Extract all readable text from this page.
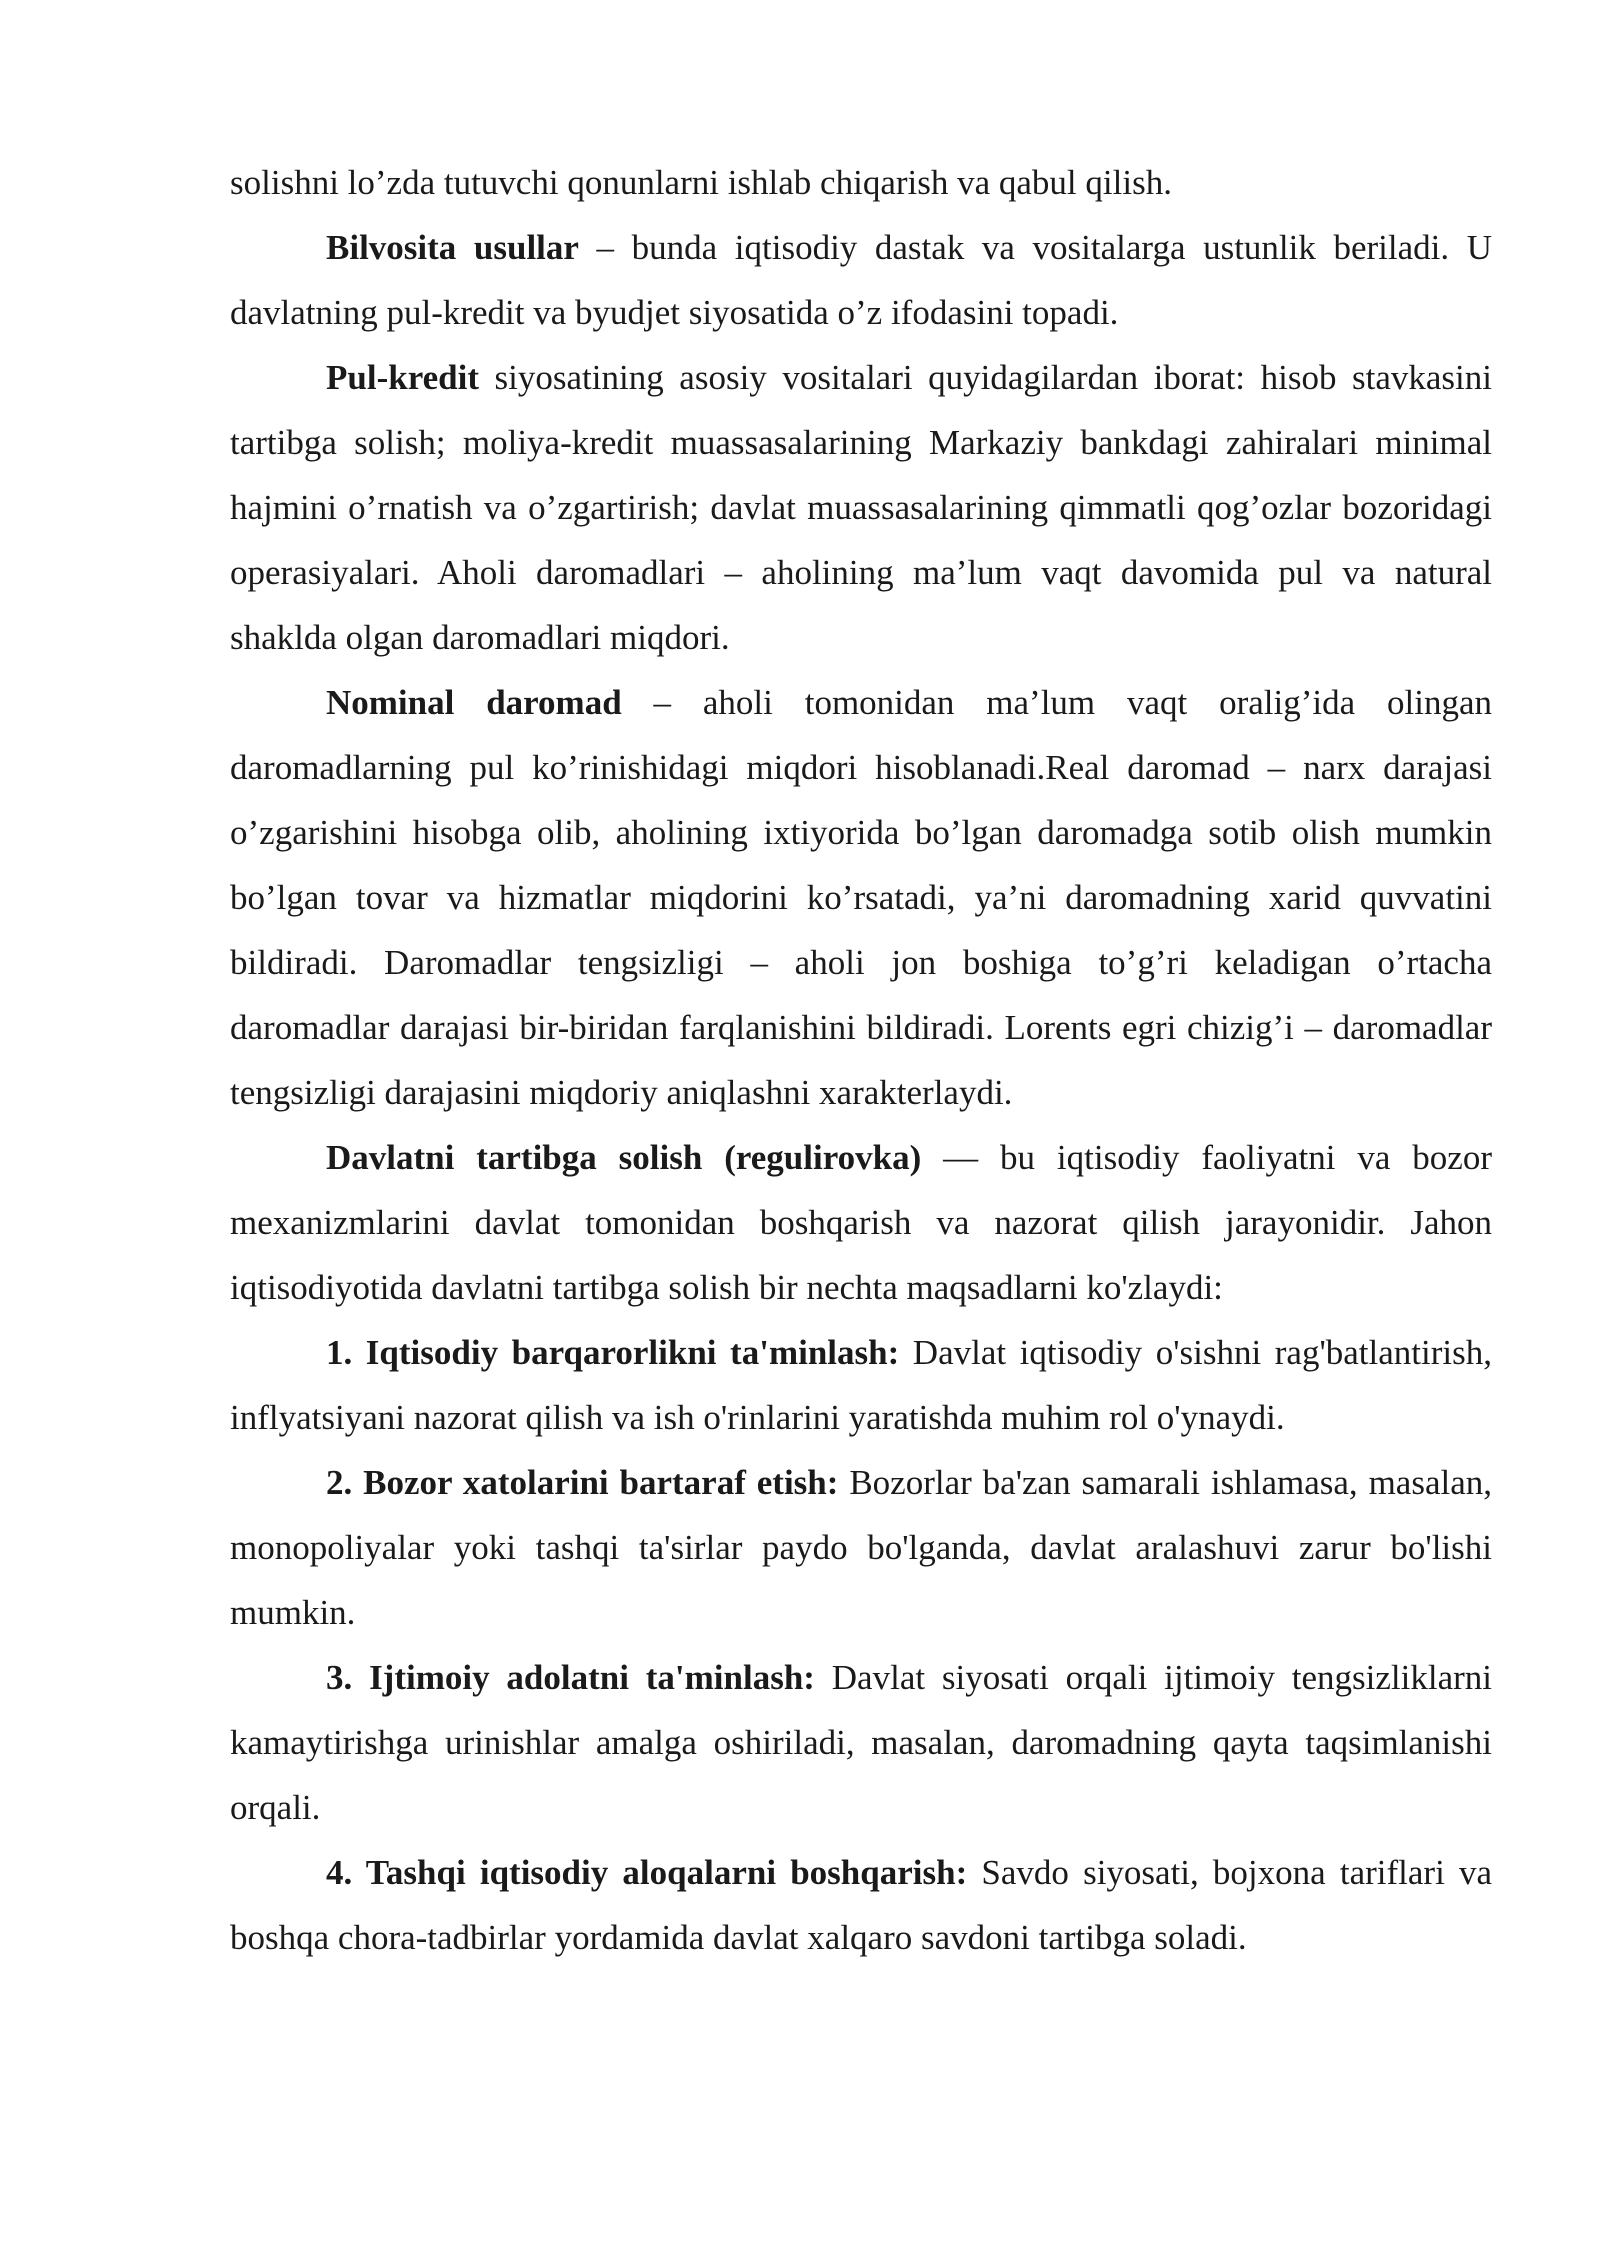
solishni lo’zda tutuvchi qonunlarni ishlab chiqarish va qabul qilish.

Bilvosita usullar – bunda iqtisodiy dastak va vositalarga ustunlik beriladi. U davlatning pul-kredit va byudjet siyosatida o’z ifodasini topadi.

Pul-kredit siyosatining asosiy vositalari quyidagilardan iborat: hisob stavkasini tartibga solish; moliya-kredit muassasalarining Markaziy bankdagi zahiralari minimal hajmini o’rnatish va o’zgartirish; davlat muassasalarining qimmatli qog’ozlar bozoridagi operasiyalari. Aholi daromadlari – aholining ma’lum vaqt davomida pul va natural shaklda olgan daromadlari miqdori.

Nominal daromad – aholi tomonidan ma’lum vaqt oralig’ida olingan daromadlarning pul ko’rinishidagi miqdori hisoblanadi.Real daromad – narx darajasi o’zgarishini hisobga olib, aholining ixtiyorida bo’lgan daromadga sotib olish mumkin bo’lgan tovar va hizmatlar miqdorini ko’rsatadi, ya’ni daromadning xarid quvvatini bildiradi. Daromadlar tengsizligi – aholi jon boshiga to’g’ri keladigan o’rtacha daromadlar darajasi bir-biridan farqlanishini bildiradi. Lorents egri chizig’i – daromadlar tengsizligi darajasini miqdoriy aniqlashni xarakterlaydi.

Davlatni tartibga solish (regulirovka) — bu iqtisodiy faoliyatni va bozor mexanizmlarini davlat tomonidan boshqarish va nazorat qilish jarayonidir. Jahon iqtisodiyotida davlatni tartibga solish bir nechta maqsadlarni ko'zlaydi:

1. Iqtisodiy barqarorlikni ta'minlash: Davlat iqtisodiy o'sishni rag'batlantirish, inflyatsiyani nazorat qilish va ish o'rinlarini yaratishda muhim rol o'ynaydi.

2. Bozor xatolarini bartaraf etish: Bozorlar ba'zan samarali ishlamasa, masalan, monopoliyalar yoki tashqi ta'sirlar paydo bo'lganda, davlat aralashuvi zarur bo'lishi mumkin.

3. Ijtimoiy adolatni ta'minlash: Davlat siyosati orqali ijtimoiy tengsizliklarni kamaytirishga urinishlar amalga oshiriladi, masalan, daromadning qayta taqsimlanishi orqali.

4. Tashqi iqtisodiy aloqalarni boshqarish: Savdo siyosati, bojxona tariflari va boshqa chora-tadbirlar yordamida davlat xalqaro savdoni tartibga soladi.
